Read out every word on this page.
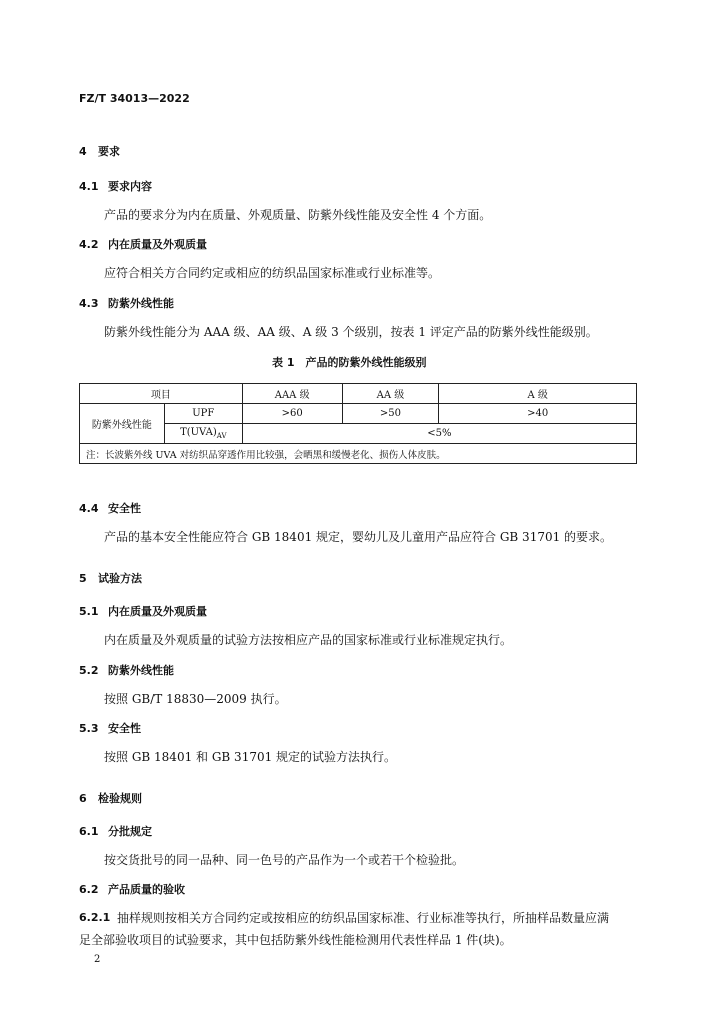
FZ/T 34013—2022
4 要求
4.1 要求内容
产品的要求分为内在质量、外观质量、防紫外线性能及安全性 4 个方面。
4.2 内在质量及外观质量
应符合相关方合同约定或相应的纺织品国家标准或行业标准等。
4.3 防紫外线性能
防紫外线性能分为 AAA 级、AA 级、A 级 3 个级别，按表 1 评定产品的防紫外线性能级别。
表 1　产品的防紫外线性能级别
项目		AAA 级	AA 级	A 级
防紫外线性能	UPF	>60	>50	>40
	$T(UVA)_{AV}$	<5%		
注：长波紫外线 UVA 对纺织品穿透作用比较强，会晒黑和缓慢老化、损伤人体皮肤。				
4.4 安全性
产品的基本安全性能应符合 GB 18401 规定，婴幼儿及儿童用产品应符合 GB 31701 的要求。
5 试验方法
5.1 内在质量及外观质量
内在质量及外观质量的试验方法按相应产品的国家标准或行业标准规定执行。
5.2 防紫外线性能
按照 GB/T 18830—2009 执行。
5.3 安全性
按照 GB 18401 和 GB 31701 规定的试验方法执行。
6 检验规则
6.1 分批规定
按交货批号的同一品种、同一色号的产品作为一个或若干个检验批。
6.2 产品质量的验收
6.2.1 抽样规则按相关方合同约定或按相应的纺织品国家标准、行业标准等执行，所抽样品数量应满
足全部验收项目的试验要求，其中包括防紫外线性能检测用代表性样品 1 件(块)。
2
